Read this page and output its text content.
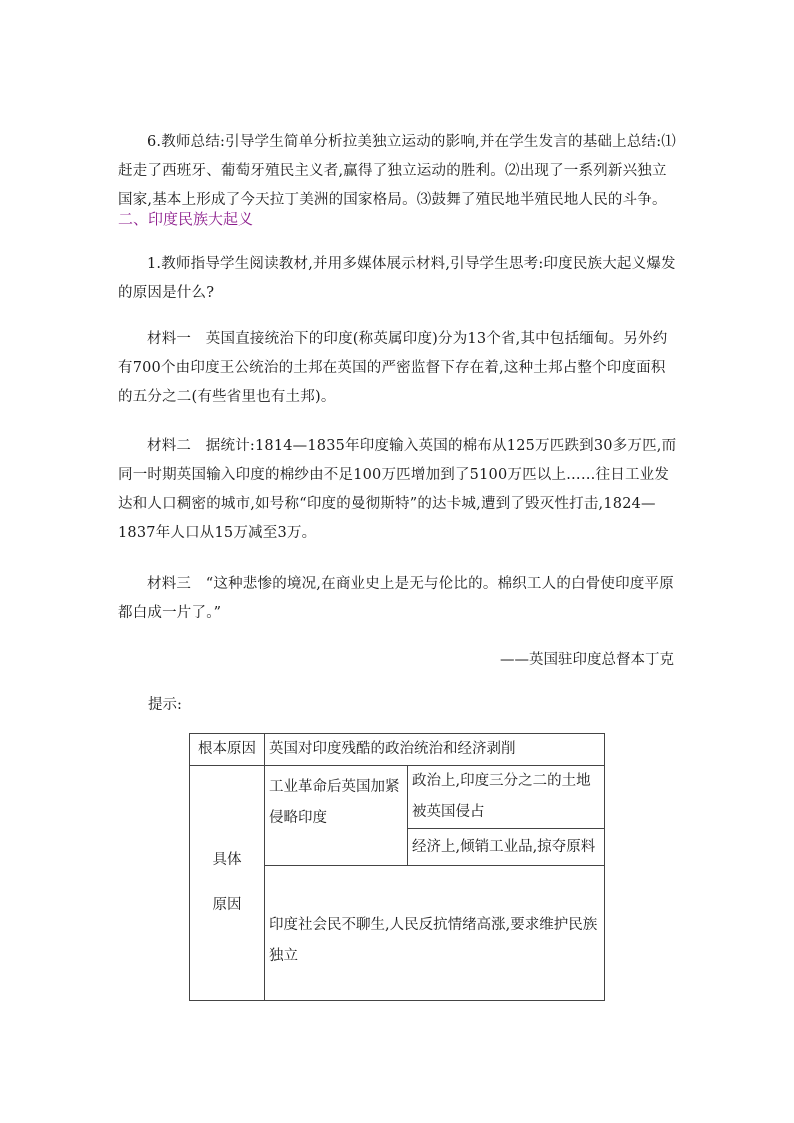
6.教师总结:引导学生简单分析拉美独立运动的影响,并在学生发言的基础上总结:⑴赶走了西班牙、葡萄牙殖民主义者,赢得了独立运动的胜利。⑵出现了一系列新兴独立国家,基本上形成了今天拉丁美洲的国家格局。⑶鼓舞了殖民地半殖民地人民的斗争。

二、印度民族大起义

1.教师指导学生阅读教材,并用多媒体展示材料,引导学生思考:印度民族大起义爆发的原因是什么?

材料一　英国直接统治下的印度(称英属印度)分为13个省,其中包括缅甸。另外约有700个由印度王公统治的土邦在英国的严密监督下存在着,这种土邦占整个印度面积的五分之二(有些省里也有土邦)。

材料二　据统计:1814—1835年印度输入英国的棉布从125万匹跌到30多万匹,而同一时期英国输入印度的棉纱由不足100万匹增加到了5100万匹以上……往日工业发达和人口稠密的城市,如号称“印度的曼彻斯特”的达卡城,遭到了毁灭性打击,1824—1837年人口从15万减至3万。

材料三　“这种悲惨的境况,在商业史上是无与伦比的。棉织工人的白骨使印度平原都白成一片了。”

——英国驻印度总督本丁克

提示:

根本原因	英国对印度残酷的政治统治和经济剥削	

具体
原因	工业革命后英国加紧侵略印度	政治上,印度三分之二的土地被英国侵占
		经济上,倾销工业品,掠夺原料
	印度社会民不聊生,人民反抗情绪高涨,要求维护民族独立	
